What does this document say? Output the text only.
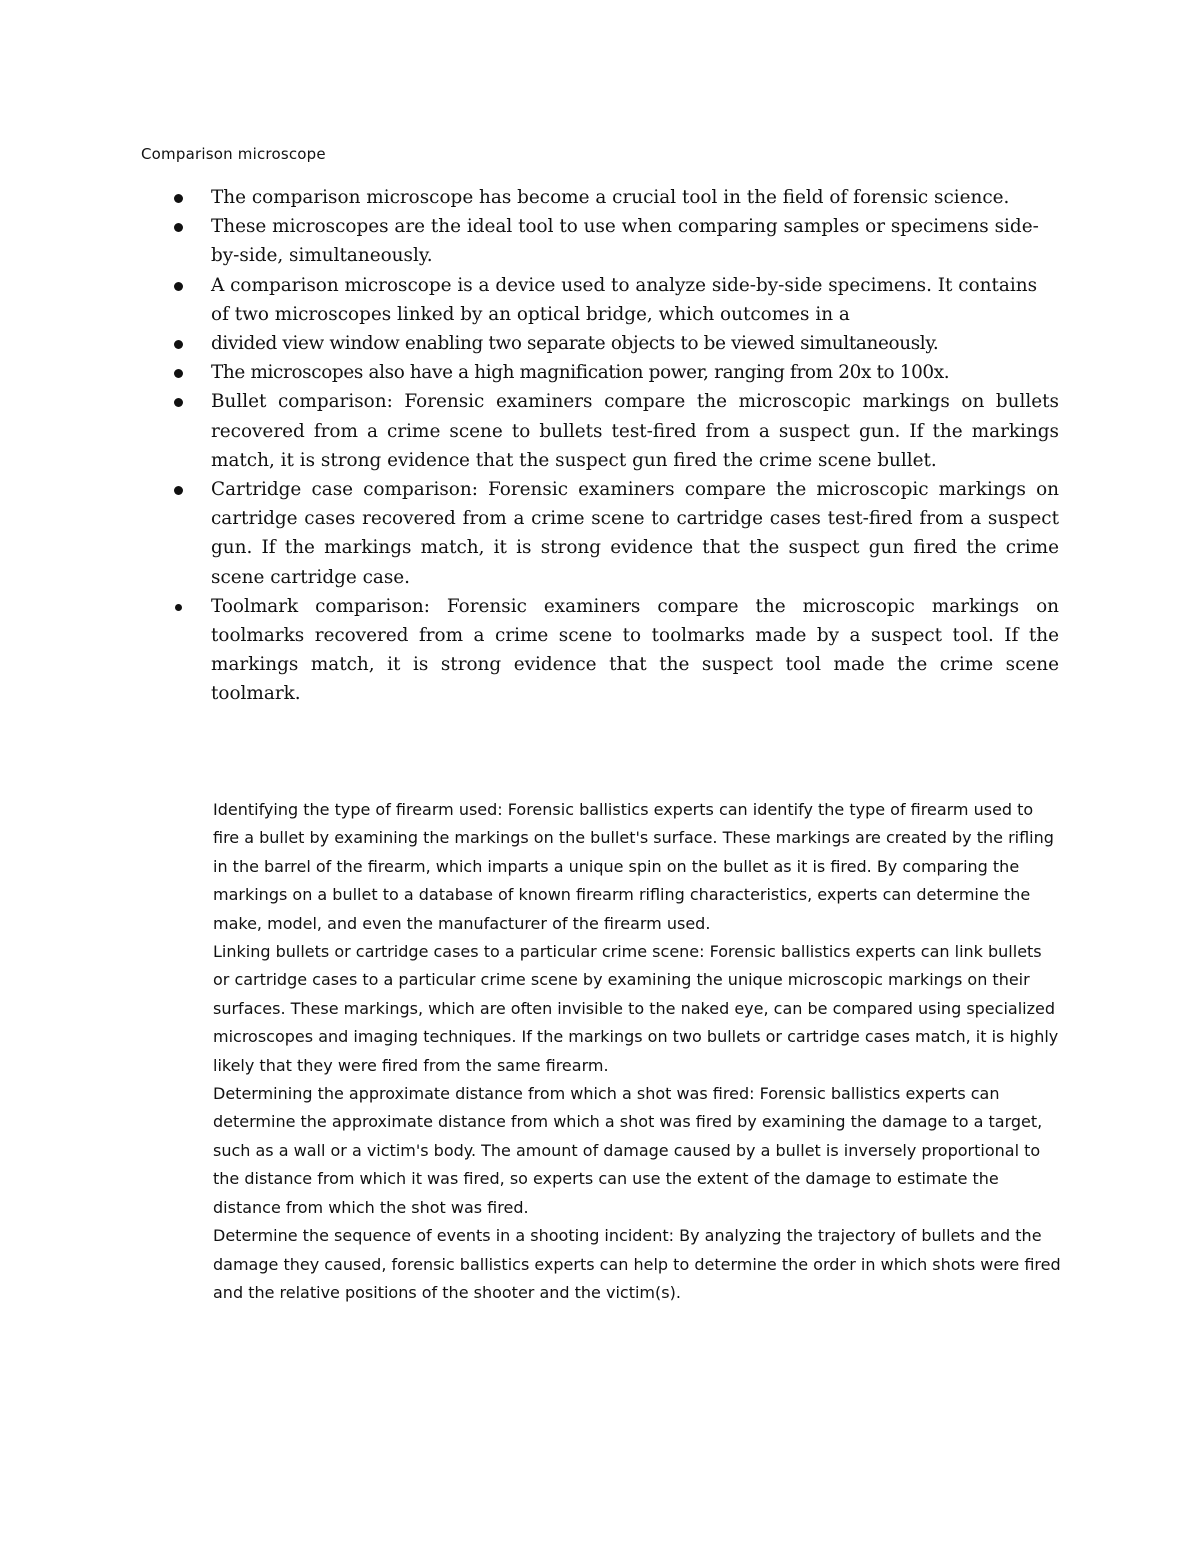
Comparison microscope
The comparison microscope has become a crucial tool in the field of forensic science.
These microscopes are the ideal tool to use when comparing samples or specimens side-by-side, simultaneously.
A comparison microscope is a device used to analyze side-by-side specimens. It contains of two microscopes linked by an optical bridge, which outcomes in a
divided view window enabling two separate objects to be viewed simultaneously.
The microscopes also have a high magnification power, ranging from 20x to 100x.
Bullet comparison: Forensic examiners compare the microscopic markings on bullets recovered from a crime scene to bullets test-fired from a suspect gun. If the markings match, it is strong evidence that the suspect gun fired the crime scene bullet.
Cartridge case comparison: Forensic examiners compare the microscopic markings on cartridge cases recovered from a crime scene to cartridge cases test-fired from a suspect gun. If the markings match, it is strong evidence that the suspect gun fired the crime scene cartridge case.
Toolmark comparison: Forensic examiners compare the microscopic markings on toolmarks recovered from a crime scene to toolmarks made by a suspect tool. If the markings match, it is strong evidence that the suspect tool made the crime scene toolmark.

Identifying the type of firearm used: Forensic ballistics experts can identify the type of firearm used to fire a bullet by examining the markings on the bullet's surface. These markings are created by the rifling in the barrel of the firearm, which imparts a unique spin on the bullet as it is fired. By comparing the markings on a bullet to a database of known firearm rifling characteristics, experts can determine the make, model, and even the manufacturer of the firearm used.

Linking bullets or cartridge cases to a particular crime scene: Forensic ballistics experts can link bullets or cartridge cases to a particular crime scene by examining the unique microscopic markings on their surfaces. These markings, which are often invisible to the naked eye, can be compared using specialized microscopes and imaging techniques. If the markings on two bullets or cartridge cases match, it is highly likely that they were fired from the same firearm.

Determining the approximate distance from which a shot was fired: Forensic ballistics experts can determine the approximate distance from which a shot was fired by examining the damage to a target, such as a wall or a victim's body. The amount of damage caused by a bullet is inversely proportional to the distance from which it was fired, so experts can use the extent of the damage to estimate the distance from which the shot was fired.

Determine the sequence of events in a shooting incident: By analyzing the trajectory of bullets and the damage they caused, forensic ballistics experts can help to determine the order in which shots were fired and the relative positions of the shooter and the victim(s).
